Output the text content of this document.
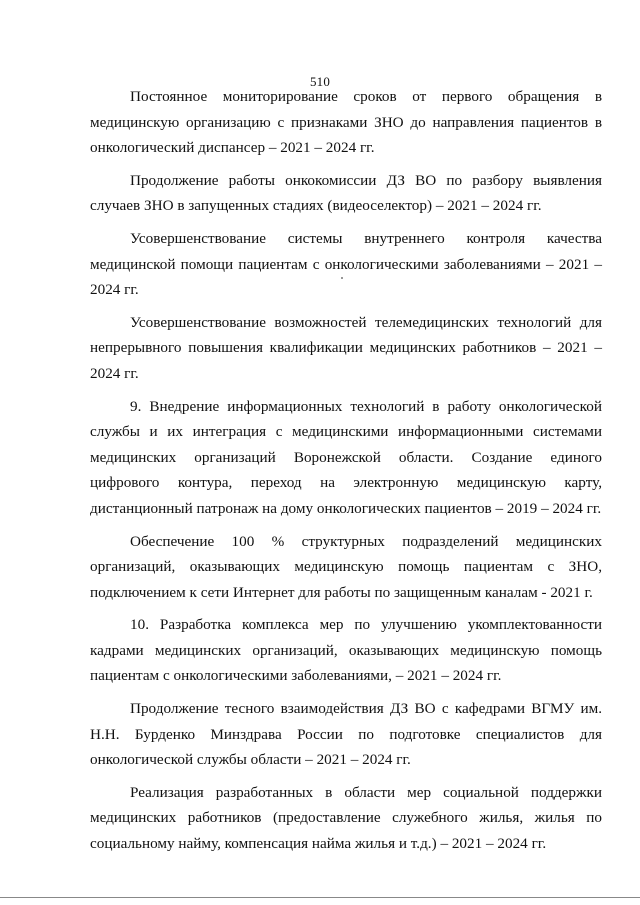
510

Постоянное мониторирование сроков от первого обращения в медицинскую организацию с признаками ЗНО до направления пациентов в онкологический диспансер – 2021 – 2024 гг.

Продолжение работы онкокомиссии ДЗ ВО по разбору выявления случаев ЗНО в запущенных стадиях (видеоселектор) – 2021 – 2024 гг.

Усовершенствование системы внутреннего контроля качества медицинской помощи пациентам с онкологическими заболеваниями – 2021 – 2024 гг.

Усовершенствование возможностей телемедицинских технологий для непрерывного повышения квалификации медицинских работников – 2021 – 2024 гг.

9. Внедрение информационных технологий в работу онкологической службы и их интеграция с медицинскими информационными системами медицинских организаций Воронежской области. Создание единого цифрового контура, переход на электронную медицинскую карту, дистанционный патронаж на дому онкологических пациентов – 2019 – 2024 гг.

Обеспечение 100 % структурных подразделений медицинских организаций, оказывающих медицинскую помощь пациентам с ЗНО, подключением к сети Интернет для работы по защищенным каналам - 2021 г.

10. Разработка комплекса мер по улучшению укомплектованности кадрами медицинских организаций, оказывающих медицинскую помощь пациентам с онкологическими заболеваниями, – 2021 – 2024 гг.

Продолжение тесного взаимодействия ДЗ ВО с кафедрами ВГМУ им. Н.Н. Бурденко Минздрава России по подготовке специалистов для онкологической службы области – 2021 – 2024 гг.

Реализация разработанных в области мер социальной поддержки медицинских работников (предоставление служебного жилья, жилья по социальному найму, компенсация найма жилья и т.д.) – 2021 – 2024 гг.
